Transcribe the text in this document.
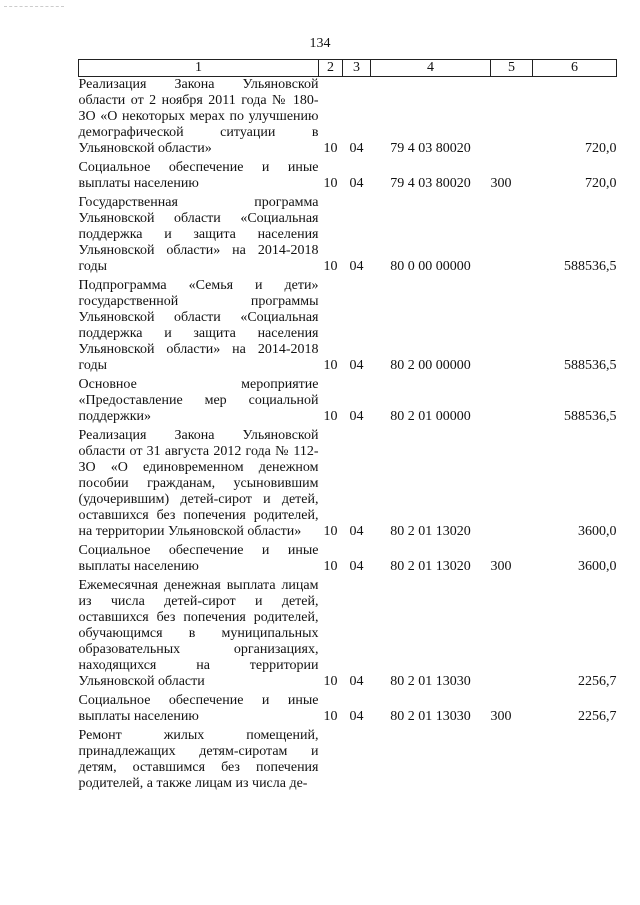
134
1	2	3	4	5	6
Реализация Закона Ульяновской области от 2 ноября 2011 года № 180-ЗО «О некоторых мерах по улучшению демографической ситуации в Ульяновской области»	10	04	79 4 03 80020		720,0
Социальное обеспечение и иные выплаты населению	10	04	79 4 03 80020	300	720,0
Государственная программа Ульяновской области «Социальная поддержка и защита населения Ульяновской области» на 2014-2018 годы	10	04	80 0 00 00000		588536,5
Подпрограмма «Семья и дети» государственной программы Ульяновской области «Социальная поддержка и защита населения Ульяновской области» на 2014-2018 годы	10	04	80 2 00 00000		588536,5
Основное мероприятие «Предоставление мер социальной поддержки»	10	04	80 2 01 00000		588536,5
Реализация Закона Ульяновской области от 31 августа 2012 года № 112-ЗО «О единовременном денежном пособии гражданам, усыновившим (удочерившим) детей-сирот и детей, оставшихся без попечения родителей, на территории Ульяновской области»	10	04	80 2 01 13020		3600,0
Социальное обеспечение и иные выплаты населению	10	04	80 2 01 13020	300	3600,0
Ежемесячная денежная выплата лицам из числа детей-сирот и детей, оставшихся без попечения родителей, обучающимся в муниципальных образовательных организациях, находящихся на территории Ульяновской области	10	04	80 2 01 13030		2256,7
Социальное обеспечение и иные выплаты населению	10	04	80 2 01 13030	300	2256,7
Ремонт жилых помещений, принадлежащих детям-сиротам и детям, оставшимся без попечения родителей, а также лицам из числа де-					
